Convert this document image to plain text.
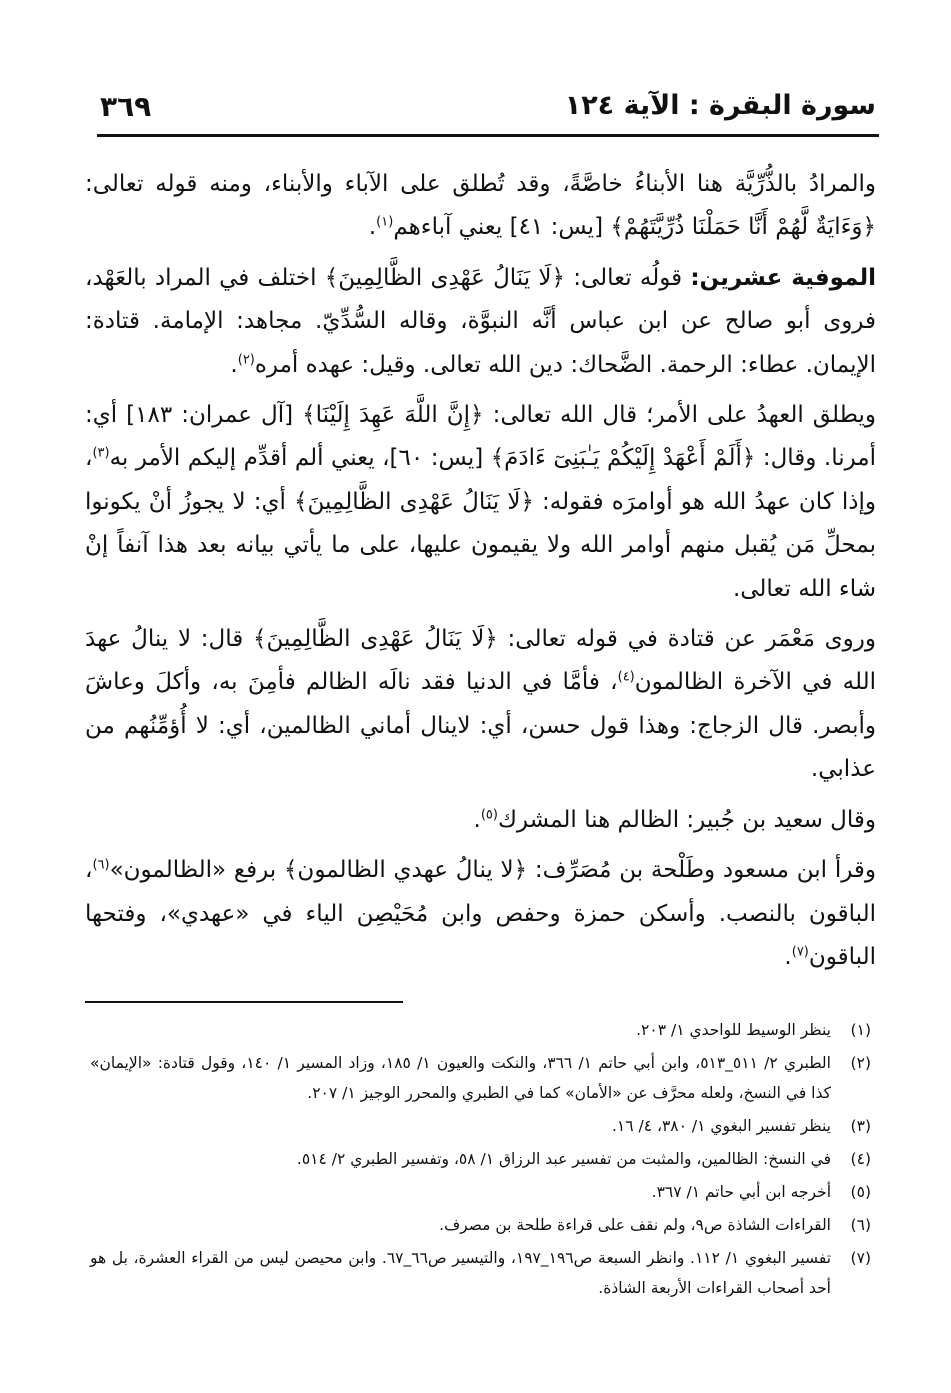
سورة البقرة : الآية ١٢٤
٣٦٩

والمرادُ بالذُّرِّيَّة هنا الأبناءُ خاصَّةً، وقد تُطلق على الآباء والأبناء، ومنه قوله تعالى: ﴿وَءَايَةٌ لَّهُمْ أَنَّا حَمَلْنَا ذُرِّيَّتَهُمْ﴾ [يس: ٤١] يعني آباءهم$^{(١)}$.

الموفية عشرين: قولُه تعالى: ﴿لَا يَنَالُ عَهْدِى الظَّالِمِينَ﴾ اختلف في المراد بالعَهْد، فروى أبو صالح عن ابن عباس أنَّه النبوَّة، وقاله السُّدِّيّ. مجاهد: الإمامة. قتادة: الإيمان. عطاء: الرحمة. الضَّحاك: دين الله تعالى. وقيل: عهده أمره$^{(٢)}$.

ويطلق العهدُ على الأمر؛ قال الله تعالى: ﴿إِنَّ اللَّهَ عَهِدَ إِلَيْنَا﴾ [آل عمران: ١٨٣] أي: أمرنا. وقال: ﴿أَلَمْ أَعْهَدْ إِلَيْكُمْ يَـٰبَنِىٓ ءَادَمَ﴾ [يس: ٦٠]، يعني ألم أقدِّم إليكم الأمر به$^{(٣)}$، وإذا كان عهدُ الله هو أوامرَه فقوله: ﴿لَا يَنَالُ عَهْدِى الظَّالِمِينَ﴾ أي: لا يجوزُ أنْ يكونوا بمحلِّ مَن يُقبل منهم أوامر الله ولا يقيمون عليها، على ما يأتي بيانه بعد هذا آنفاً إنْ شاء الله تعالى.

وروى مَعْمَر عن قتادة في قوله تعالى: ﴿لَا يَنَالُ عَهْدِى الظَّالِمِينَ﴾ قال: لا ينالُ عهدَ الله في الآخرة الظالمون$^{(٤)}$، فأمَّا في الدنيا فقد نالَه الظالم فأمِنَ به، وأكلَ وعاشَ وأبصر. قال الزجاج: وهذا قول حسن، أي: لاينال أماني الظالمين، أي: لا أُؤمِّنُهم من عذابي.

وقال سعيد بن جُبير: الظالم هنا المشرك$^{(٥)}$.

وقرأ ابن مسعود وطَلْحة بن مُصَرِّف: ﴿لا ينالُ عهدي الظالمون﴾ برفع «الظالمون»$^{(٦)}$، الباقون بالنصب. وأسكن حمزة وحفص وابن مُحَيْصِن الياء في «عهدي»، وفتحها الباقون$^{(٧)}$.

(١)
ينظر الوسيط للواحدي ١/ ٢٠٣.
(٢)
الطبري ٢/ ٥١١_٥١٣، وابن أبي حاتم ١/ ٣٦٦، والنكت والعيون ١/ ١٨٥، وزاد المسير ١/ ١٤٠، وقول قتادة: «الإيمان» كذا في النسخ، ولعله محرَّف عن «الأمان» كما في الطبري والمحرر الوجيز ١/ ٢٠٧.
(٣)
ينظر تفسير البغوي ١/ ٣٨٠، ٤/ ١٦.
(٤)
في النسخ: الظالمين، والمثبت من تفسير عبد الرزاق ١/ ٥٨، وتفسير الطبري ٢/ ٥١٤.
(٥)
أخرجه ابن أبي حاتم ١/ ٣٦٧.
(٦)
القراءات الشاذة ص٩، ولم نقف على قراءة طلحة بن مصرف.
(٧)
تفسير البغوي ١/ ١١٢. وانظر السبعة ص١٩٦_١٩٧، والتيسير ص٦٦_٦٧. وابن محيصن ليس من القراء العشرة، بل هو أحد أصحاب القراءات الأربعة الشاذة.
